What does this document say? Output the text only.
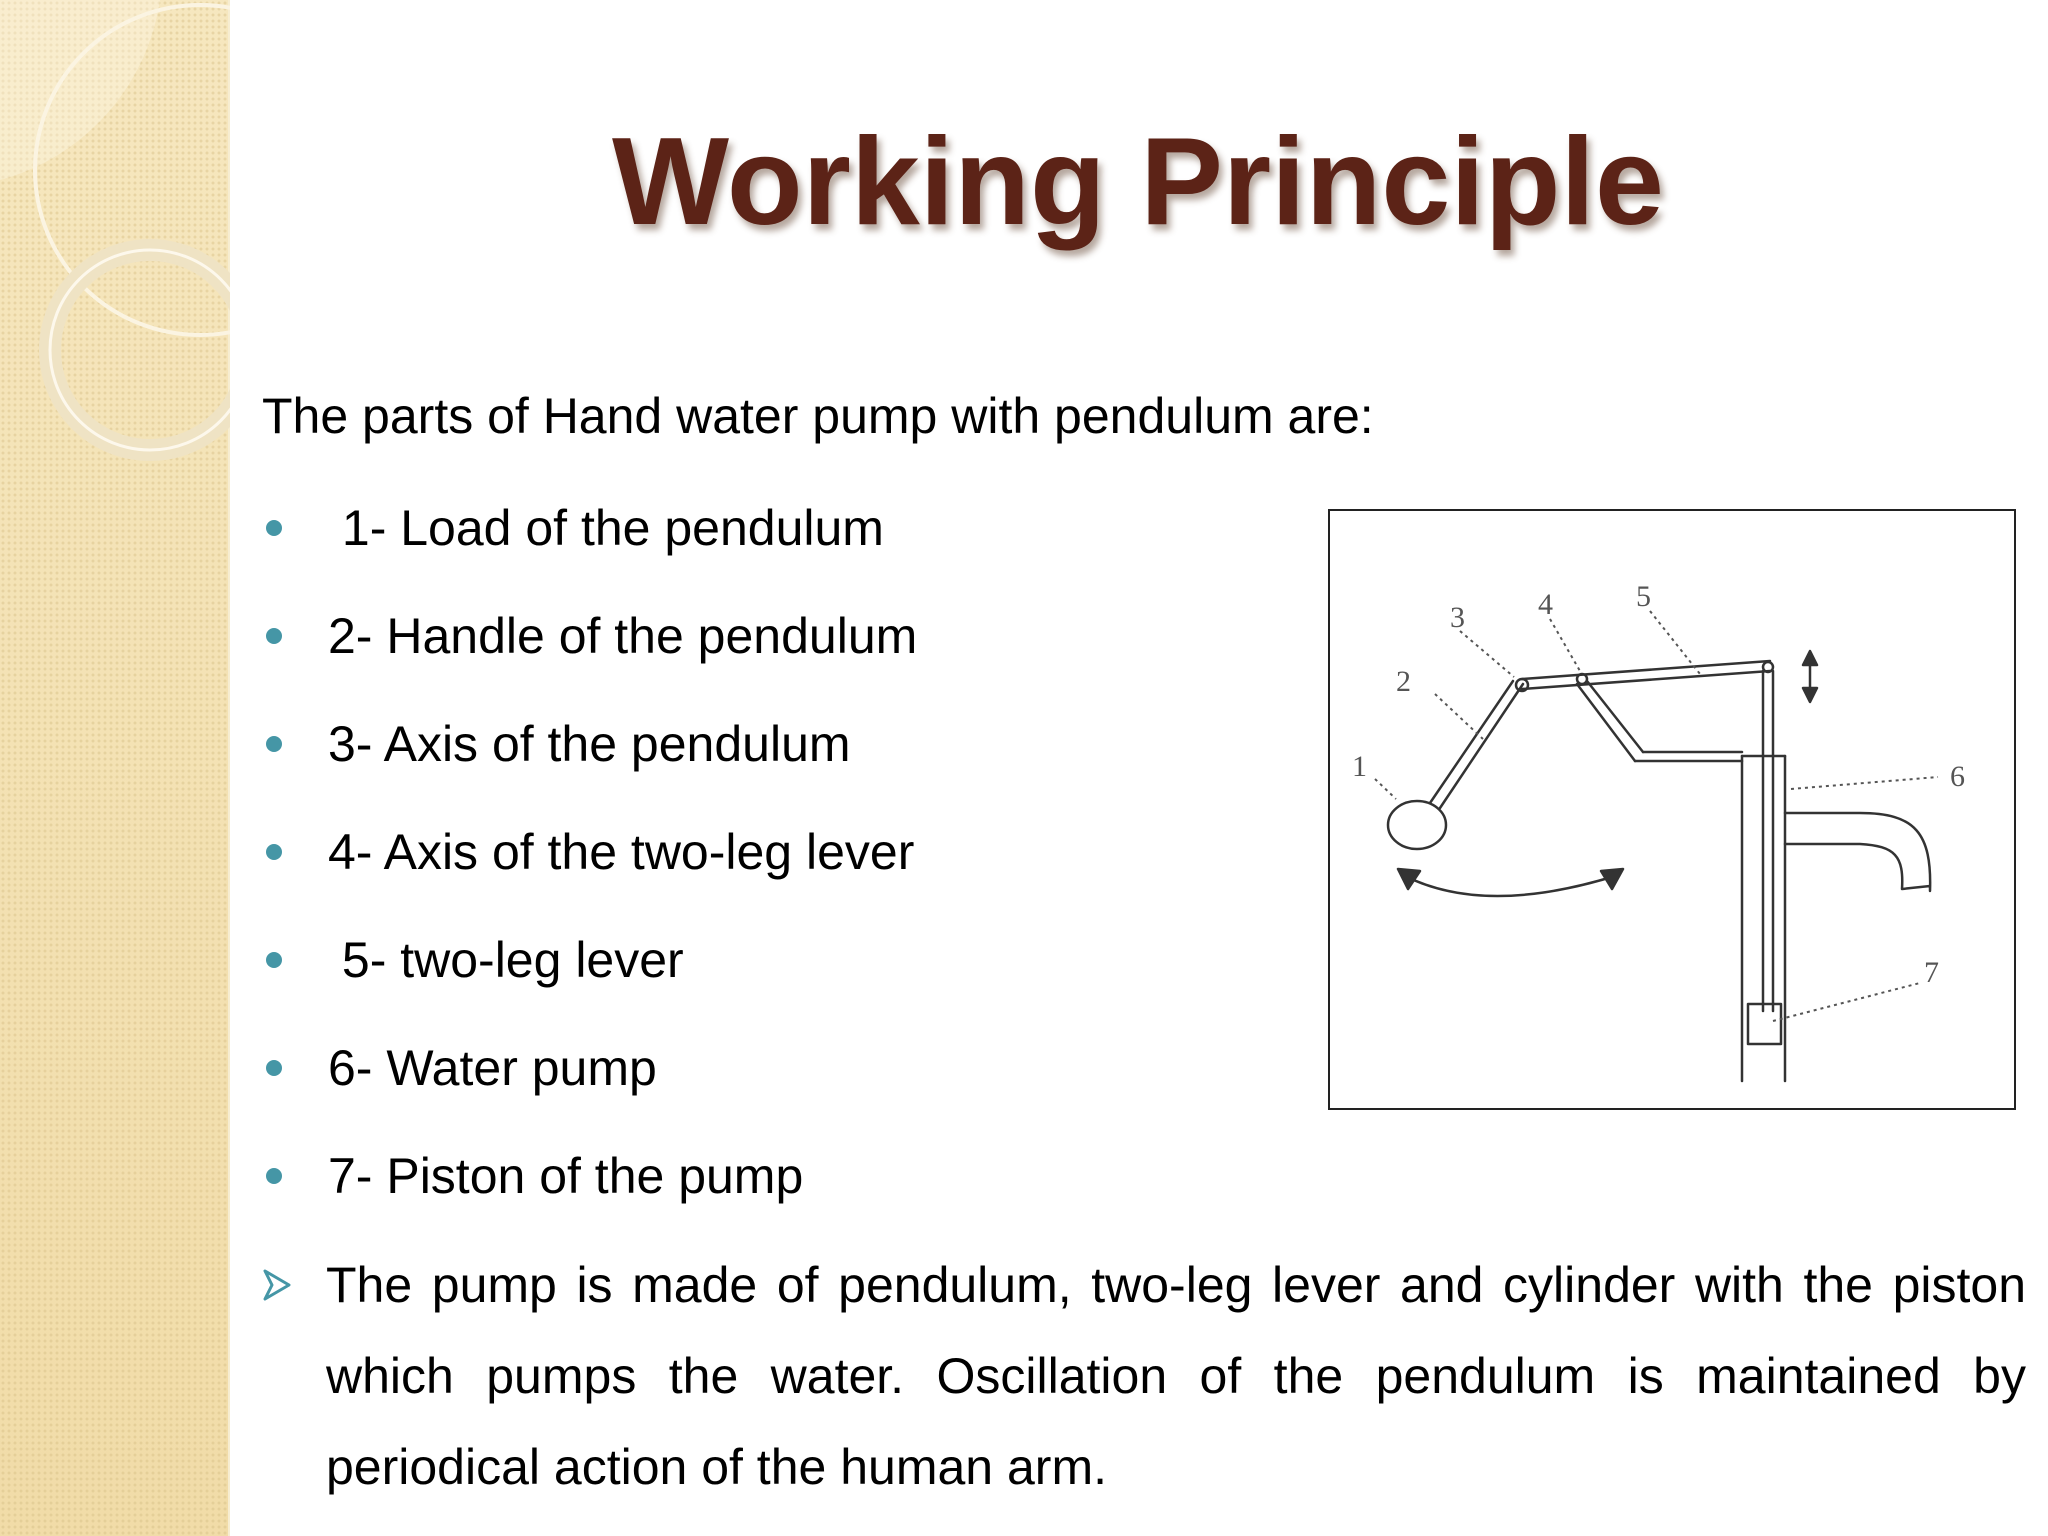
Working Principle
The parts of Hand water pump with pendulum are:
1- Load of the pendulum
2- Handle of the pendulum
3- Axis of the pendulum
4- Axis of the two-leg lever
5- two-leg lever
6- Water pump
7- Piston of the pump
The pump is made of pendulum, two-leg lever and cylinder with the piston which pumps the water. Oscillation of the pendulum is maintained by periodical action of the human arm.
1
2
3 4	5
6
7
